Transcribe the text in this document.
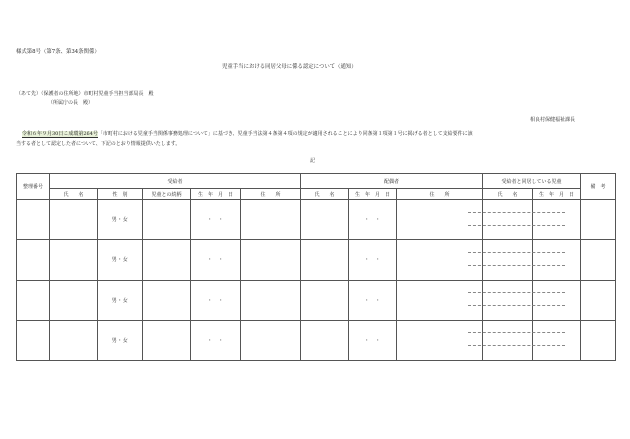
様式第8号（第7条、第34条関係）
児童手当における同居父母に係る認定について（通知）
（あて先）（保護者の住所地）市町村児童手当担当部局長　殿
（所属庁の長　殿）
相良村保健福祉課長
令和６年９月30日こ成環第264号「市町村における児童手当関係事務処理について」に基づき、児童手当法第４条第４項の規定が適用されることにより同条第１項第１号に掲げる者として支給要件に該
当する者として認定した者について、下記のとおり情報提供いたします。
記
整理番号	受給者					配偶者			受給者と同居している児童		備　考
	氏　　名	性　別	児童との続柄	生　年　月　日	住　　所	氏　　名	生　年　月　日	住　　所	氏　　名	生　年　月　日	
		男・女		・　・			・　・				
		男・女		・　・			・　・				
		男・女		・　・			・　・				
		男・女		・　・			・　・				
